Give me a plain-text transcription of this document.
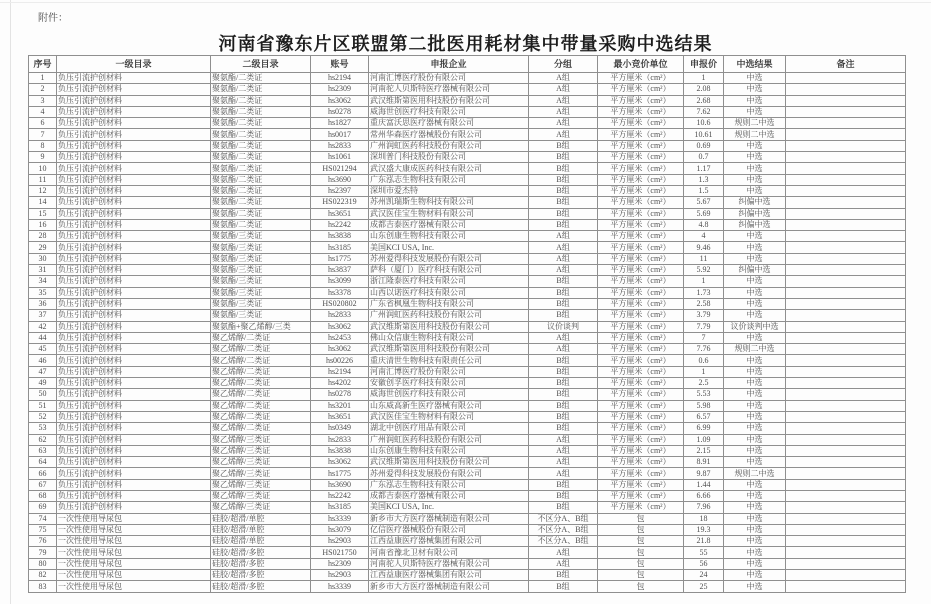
附件：
河南省豫东片区联盟第二批医用耗材集中带量采购中选结果
序号	一级目录	二级目录	账号	申报企业	分组	最小竞价单位	申报价	中选结果	备注
1	负压引流护创材料	聚氨酯/二类证	hs2194	河南汇博医疗股份有限公司	A组	平方厘米（cm²）	1	中选	
2	负压引流护创材料	聚氨酯/二类证	hs2309	河南驼人贝斯特医疗器械有限公司	A组	平方厘米（cm²）	2.08	中选	
3	负压引流护创材料	聚氨酯/二类证	hs3062	武汉维斯第医用科技股份有限公司	A组	平方厘米（cm²）	2.68	中选	
4	负压引流护创材料	聚氨酯/二类证	hs0278	威海世创医疗科技有限公司	A组	平方厘米（cm²）	7.62	中选	
6	负压引流护创材料	聚氨酯/二类证	hs1827	重庆富沃思医疗器械有限公司	A组	平方厘米（cm²）	10.6	规则二中选	
7	负压引流护创材料	聚氨酯/二类证	hs0017	常州华森医疗器械股份有限公司	A组	平方厘米（cm²）	10.61	规则二中选	
8	负压引流护创材料	聚氨酯/二类证	hs2833	广州润虹医药科技股份有限公司	B组	平方厘米（cm²）	0.69	中选	
9	负压引流护创材料	聚氨酯/二类证	hs1061	深圳普门科技股份有限公司	B组	平方厘米（cm²）	0.7	中选	
10	负压引流护创材料	聚氨酯/二类证	HS021294	武汉盛大康成医药科技有限公司	B组	平方厘米（cm²）	1.17	中选	
11	负压引流护创材料	聚氨酯/二类证	hs3690	广东泓志生物科技有限公司	B组	平方厘米（cm²）	1.3	中选	
12	负压引流护创材料	聚氨酯/二类证	hs2397	深圳市爱杰特	B组	平方厘米（cm²）	1.5	中选	
14	负压引流护创材料	聚氨酯/二类证	HS022319	苏州凯瑞斯生物科技有限公司	B组	平方厘米（cm²）	5.67	纠偏中选	
15	负压引流护创材料	聚氨酯/二类证	hs3651	武汉医佳宝生物材料有限公司	B组	平方厘米（cm²）	5.69	纠偏中选	
16	负压引流护创材料	聚氨酯/二类证	hs2242	成都吉泰医疗器械有限公司	B组	平方厘米（cm²）	4.8	纠偏中选	
28	负压引流护创材料	聚氨酯/三类证	hs3838	山东创康生物科技有限公司	A组	平方厘米（cm²）	4	中选	
29	负压引流护创材料	聚氨酯/三类证	hs3185	美国KCI USA, Inc.	A组	平方厘米（cm²）	9.46	中选	
30	负压引流护创材料	聚氨酯/三类证	hs1775	苏州爱得科技发展股份有限公司	A组	平方厘米（cm²）	11	中选	
31	负压引流护创材料	聚氨酯/三类证	hs3837	萨科（厦门）医疗科技有限公司	A组	平方厘米（cm²）	5.92	纠偏中选	
34	负压引流护创材料	聚氨酯/三类证	hs3099	浙江隆泰医疗科技有限公司	B组	平方厘米（cm²）	1	中选	
35	负压引流护创材料	聚氨酯/三类证	hs3378	山西以诺医疗科技有限公司	B组	平方厘米（cm²）	1.73	中选	
36	负压引流护创材料	聚氨酯/三类证	HS020802	广东省枫凰生物科技有限公司	B组	平方厘米（cm²）	2.58	中选	
37	负压引流护创材料	聚氨酯/三类证	hs2833	广州润虹医药科技股份有限公司	B组	平方厘米（cm²）	3.79	中选	
42	负压引流护创材料	聚氨酯+聚乙烯醇/三类	hs3062	武汉维斯第医用科技股份有限公司	议价谈判	平方厘米（cm²）	7.79	议价谈判中选	
44	负压引流护创材料	聚乙烯醇/二类证	hs2453	佛山众信康生物科技有限公司	A组	平方厘米（cm²）	7	中选	
45	负压引流护创材料	聚乙烯醇/二类证	hs3062	武汉维斯第医用科技股份有限公司	A组	平方厘米（cm²）	7.76	规则二中选	
46	负压引流护创材料	聚乙烯醇/二类证	hs00226	重庆清世生物科技有限责任公司	B组	平方厘米（cm²）	0.6	中选	
47	负压引流护创材料	聚乙烯醇/二类证	hs2194	河南汇博医疗股份有限公司	B组	平方厘米（cm²）	1	中选	
49	负压引流护创材料	聚乙烯醇/二类证	hs4202	安徽创孚医疗科技有限公司	B组	平方厘米（cm²）	2.5	中选	
50	负压引流护创材料	聚乙烯醇/二类证	hs0278	威海世创医疗科技有限公司	B组	平方厘米（cm²）	5.53	中选	
51	负压引流护创材料	聚乙烯醇/二类证	hs3201	山东威高新生医疗器械有限公司	B组	平方厘米（cm²）	5.98	中选	
52	负压引流护创材料	聚乙烯醇/二类证	hs3651	武汉医佳宝生物材料有限公司	B组	平方厘米（cm²）	6.57	中选	
53	负压引流护创材料	聚乙烯醇/二类证	hs0349	湖北中创医疗用品有限公司	B组	平方厘米（cm²）	6.99	中选	
62	负压引流护创材料	聚乙烯醇/三类证	hs2833	广州润虹医药科技股份有限公司	A组	平方厘米（cm²）	1.09	中选	
63	负压引流护创材料	聚乙烯醇/三类证	hs3838	山东创康生物科技有限公司	A组	平方厘米（cm²）	2.15	中选	
64	负压引流护创材料	聚乙烯醇/三类证	hs3062	武汉维斯第医用科技股份有限公司	A组	平方厘米（cm²）	8.91	中选	
66	负压引流护创材料	聚乙烯醇/三类证	hs1775	苏州爱得科技发展股份有限公司	A组	平方厘米（cm²）	9.87	规则二中选	
67	负压引流护创材料	聚乙烯醇/三类证	hs3690	广东泓志生物科技有限公司	B组	平方厘米（cm²）	1.44	中选	
68	负压引流护创材料	聚乙烯醇/三类证	hs2242	成都吉泰医疗器械有限公司	B组	平方厘米（cm²）	6.66	中选	
69	负压引流护创材料	聚乙烯醇/三类证	hs3185	美国KCI USA, Inc.	B组	平方厘米（cm²）	7.96	中选	
74	一次性使用导尿包	硅胶/超滑/单腔	hs3339	新乡市大方医疗器械制造有限公司	不区分A、B组	包	18	中选	
75	一次性使用导尿包	硅胶/超滑/单腔	hs3079	亿信医疗器械股份有限公司	不区分A、B组	包	19.3	中选	
76	一次性使用导尿包	硅胶/超滑/单腔	hs2903	江西益康医疗器械集团有限公司	不区分A、B组	包	21.8	中选	
79	一次性使用导尿包	硅胶/超滑/多腔	HS021750	河南省豫北卫材有限公司	A组	包	55	中选	
80	一次性使用导尿包	硅胶/超滑/多腔	hs2309	河南驼人贝斯特医疗器械有限公司	A组	包	56	中选	
82	一次性使用导尿包	硅胶/超滑/多腔	hs2903	江西益康医疗器械集团有限公司	B组	包	24	中选	
83	一次性使用导尿包	硅胶/超滑/多腔	hs3339	新乡市大方医疗器械制造有限公司	B组	包	25	中选	
